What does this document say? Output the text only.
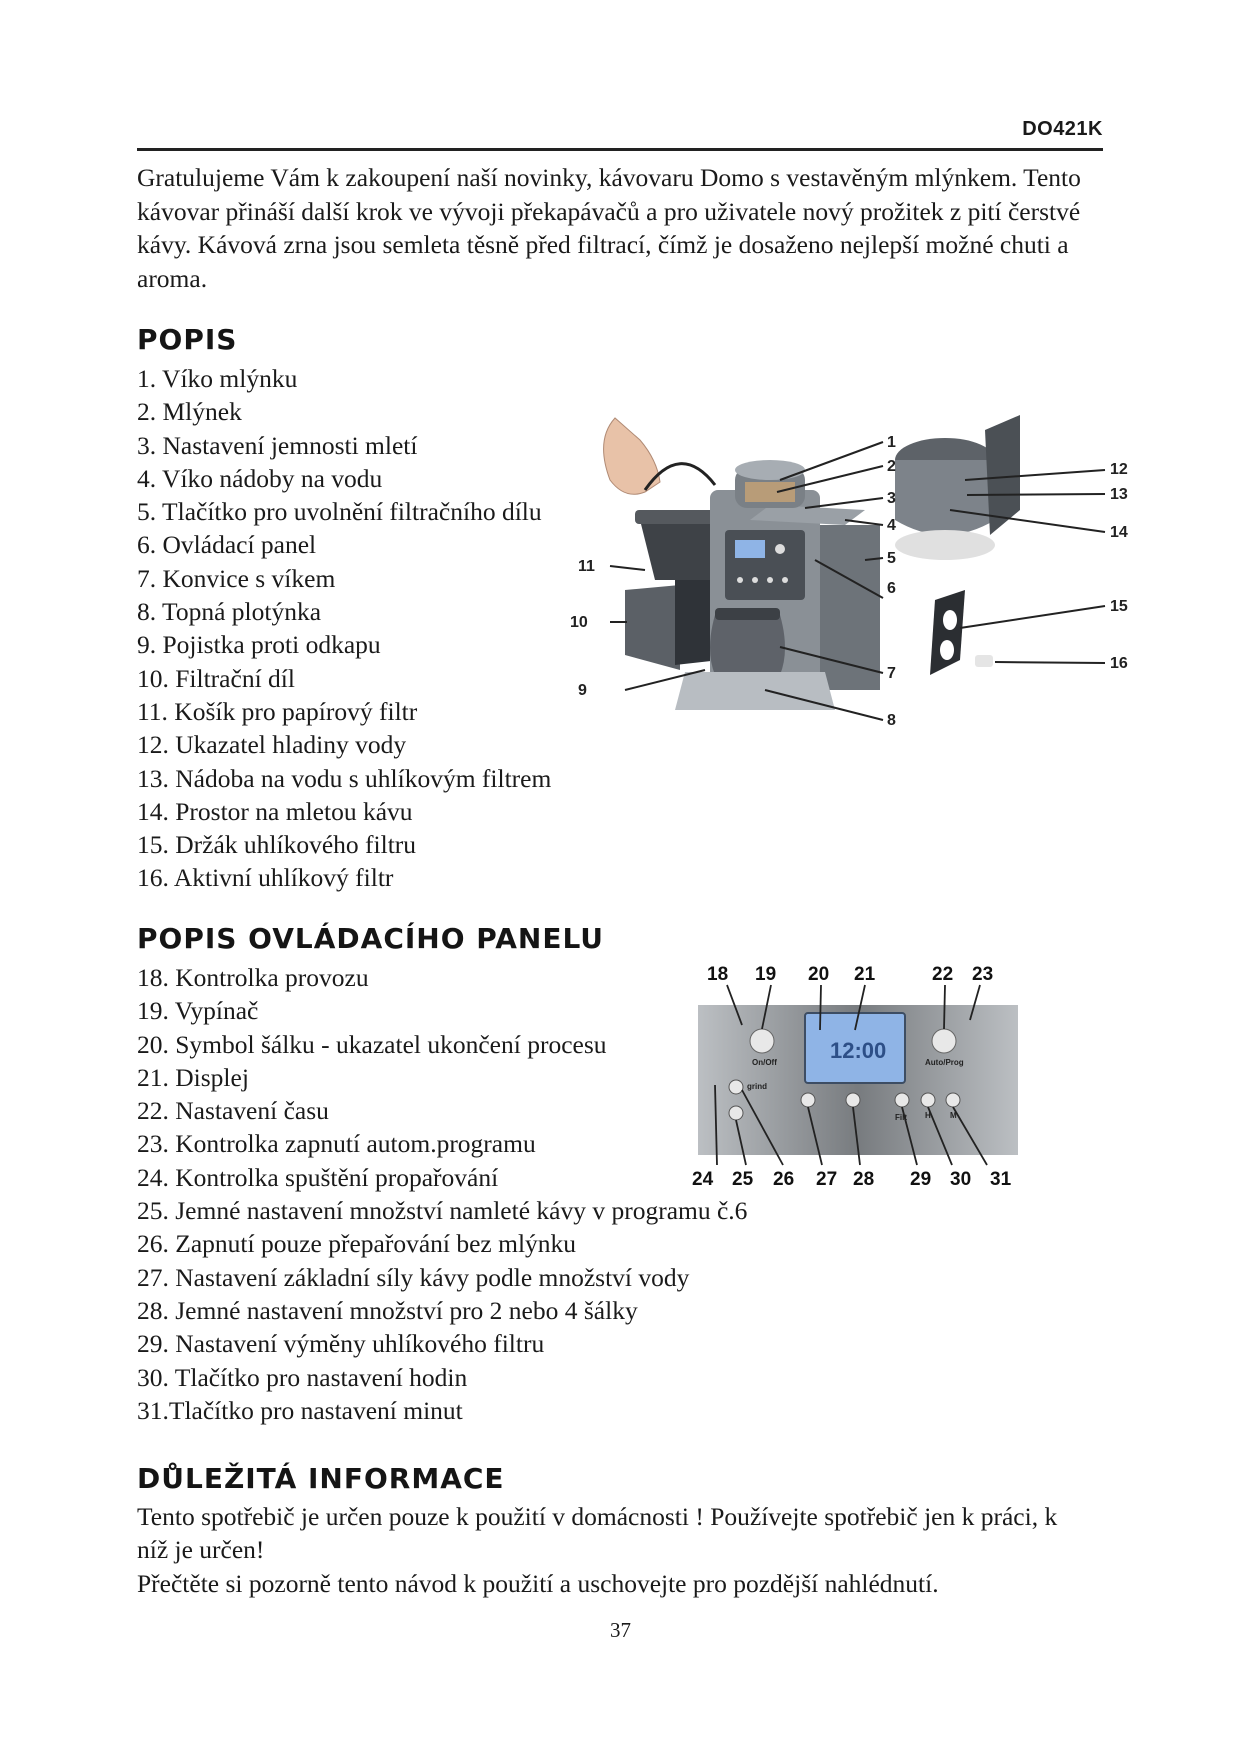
DO421K

Gratulujeme Vám k zakoupení naší novinky, kávovaru Domo s vestavěným mlýnkem. Tento kávovar přináší další krok ve vývoji překapávačů a pro uživatele nový prožitek z pití čerstvé kávy. Kávová zrna jsou semleta těsně před filtrací, čímž je dosaženo nejlepší možné chuti a aroma.

POPIS
1. Víko mlýnku
2. Mlýnek
3. Nastavení jemnosti mletí
4. Víko nádoby na vodu
5. Tlačítko pro uvolnění filtračního dílu
6. Ovládací panel
7. Konvice s víkem
8. Topná plotýnka
9. Pojistka proti odkapu
10. Filtrační díl
11. Košík pro papírový filtr
12. Ukazatel hladiny vody
13. Nádoba na vodu s uhlíkovým filtrem
14. Prostor na mletou kávu
15. Držák uhlíkového filtru
16. Aktivní uhlíkový filtr
1
2
3
4
5
6
7
8
9
10
11
12
13
14
15
16
POPIS OVLÁDACÍHO PANELU
18. Kontrolka provozu
19. Vypínač
20. Symbol šálku - ukazatel ukončení procesu
21. Displej
22. Nastavení času
23. Kontrolka zapnutí autom.programu
24. Kontrolka spuštění propařování
25. Jemné nastavení množství namleté kávy v programu č.6
26. Zapnutí pouze přepařování bez mlýnku
27. Nastavení základní síly kávy podle množství vody
28. Jemné nastavení množství pro 2 nebo 4 šálky
29. Nastavení výměny uhlíkového filtru
30. Tlačítko pro nastavení hodin
31.Tlačítko pro nastavení minut
12:00
On/Off	Auto/Prog
grind
Filt H M
18 19 20 21	22 23
24 25 26 27 28 29 30 31
DŮLEŽITÁ INFORMACE

Tento spotřebič je určen pouze k použití v domácnosti ! Používejte spotřebič jen k práci, k níž je určen!

Přečtěte si pozorně tento návod k použití a uschovejte pro pozdější nahlédnutí.

37
